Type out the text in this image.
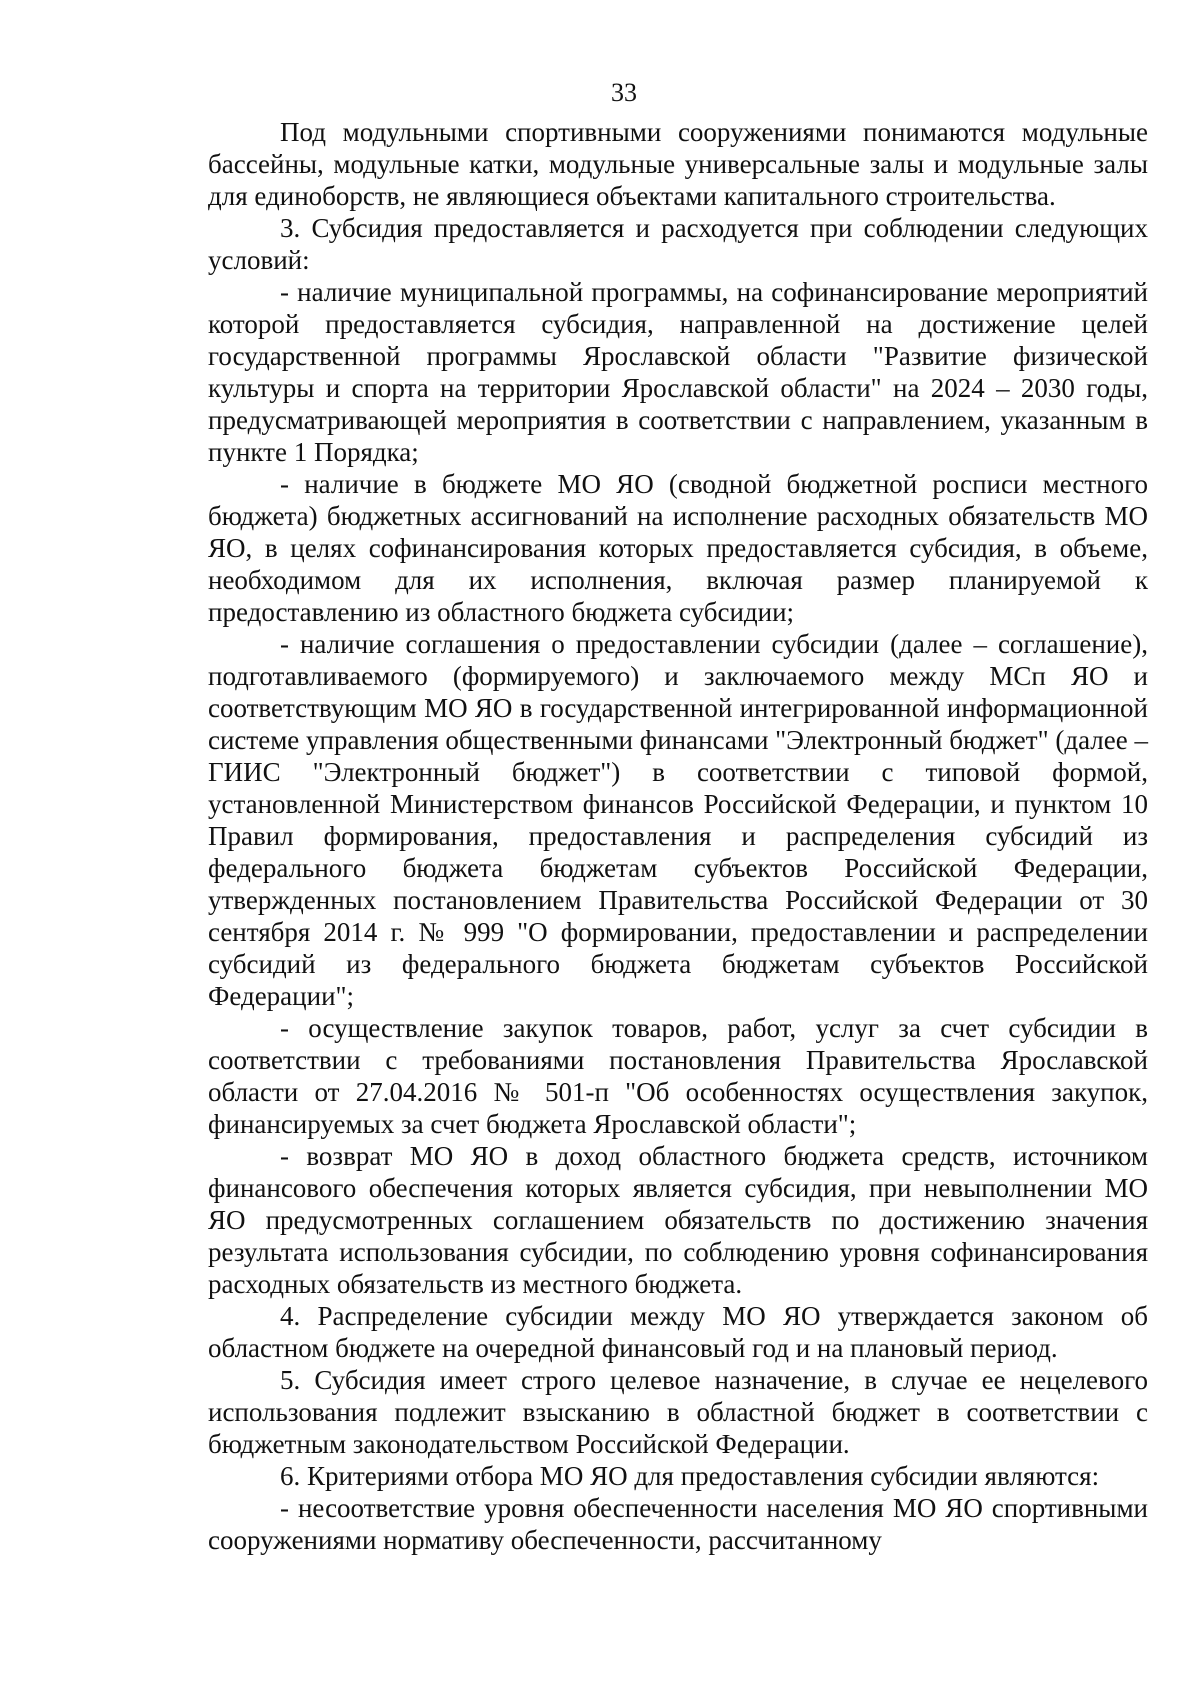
33

Под модульными спортивными сооружениями понимаются модульные бассейны, модульные катки, модульные универсальные залы и модульные залы для единоборств, не являющиеся объектами капитального строительства.

3. Субсидия предоставляется и расходуется при соблюдении следующих условий:

- наличие муниципальной программы, на софинансирование мероприятий которой предоставляется субсидия, направленной на достижение целей государственной программы Ярославской области "Развитие физической культуры и спорта на территории Ярославской области" на 2024 – 2030 годы, предусматривающей мероприятия в соответствии с направлением, указанным в пункте 1 Порядка;

- наличие в бюджете МО ЯО (сводной бюджетной росписи местного бюджета) бюджетных ассигнований на исполнение расходных обязательств МО ЯО, в целях софинансирования которых предоставляется субсидия, в объеме, необходимом для их исполнения, включая размер планируемой к предоставлению из областного бюджета субсидии;

- наличие соглашения о предоставлении субсидии (далее – соглашение), подготавливаемого (формируемого) и заключаемого между МСп ЯО и соответствующим МО ЯО в государственной интегрированной информационной системе управления общественными финансами "Электронный бюджет" (далее – ГИИС "Электронный бюджет") в соответствии с типовой формой, установленной Министерством финансов Российской Федерации, и пунктом 10 Правил формирования, предоставления и распределения субсидий из федерального бюджета бюджетам субъектов Российской Федерации, утвержденных постановлением Правительства Российской Федерации от 30 сентября 2014 г. № 999 "О формировании, предоставлении и распределении субсидий из федерального бюджета бюджетам субъектов Российской Федерации";

- осуществление закупок товаров, работ, услуг за счет субсидии в соответствии с требованиями постановления Правительства Ярославской области от 27.04.2016 № 501-п "Об особенностях осуществления закупок, финансируемых за счет бюджета Ярославской области";

- возврат МО ЯО в доход областного бюджета средств, источником финансового обеспечения которых является субсидия, при невыполнении МО ЯО предусмотренных соглашением обязательств по достижению значения результата использования субсидии, по соблюдению уровня софинансирования расходных обязательств из местного бюджета.

4. Распределение субсидии между МО ЯО утверждается законом об областном бюджете на очередной финансовый год и на плановый период.

5. Субсидия имеет строго целевое назначение, в случае ее нецелевого использования подлежит взысканию в областной бюджет в соответствии с бюджетным законодательством Российской Федерации.

6. Критериями отбора МО ЯО для предоставления субсидии являются:

- несоответствие уровня обеспеченности населения МО ЯО спортивными сооружениями нормативу обеспеченности, рассчитанному
